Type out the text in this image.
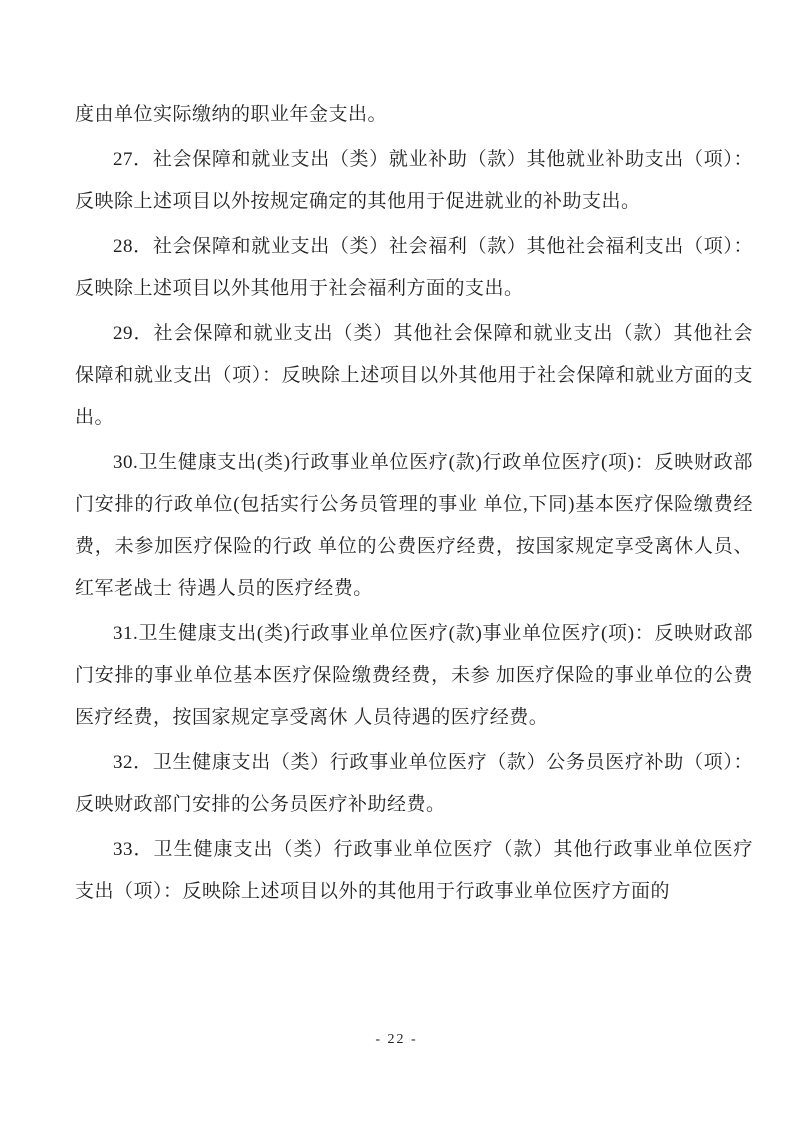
度由单位实际缴纳的职业年金支出。

27．社会保障和就业支出（类）就业补助（款）其他就业补助支出（项）：反映除上述项目以外按规定确定的其他用于促进就业的补助支出。

28．社会保障和就业支出（类）社会福利（款）其他社会福利支出（项）：反映除上述项目以外其他用于社会福利方面的支出。

29．社会保障和就业支出（类）其他社会保障和就业支出（款）其他社会保障和就业支出（项）：反映除上述项目以外其他用于社会保障和就业方面的支出。

30.卫生健康支出(类)行政事业单位医疗(款)行政单位医疗(项)：反映财政部门安排的行政单位(包括实行公务员管理的事业 单位,下同)基本医疗保险缴费经费，未参加医疗保险的行政 单位的公费医疗经费，按国家规定享受离休人员、红军老战士 待遇人员的医疗经费。

31.卫生健康支出(类)行政事业单位医疗(款)事业单位医疗(项)：反映财政部门安排的事业单位基本医疗保险缴费经费，未参 加医疗保险的事业单位的公费医疗经费，按国家规定享受离休 人员待遇的医疗经费。

32．卫生健康支出（类）行政事业单位医疗（款）公务员医疗补助（项）：反映财政部门安排的公务员医疗补助经费。

33．卫生健康支出（类）行政事业单位医疗（款）其他行政事业单位医疗支出（项）：反映除上述项目以外的其他用于行政事业单位医疗方面的

- 22 -
